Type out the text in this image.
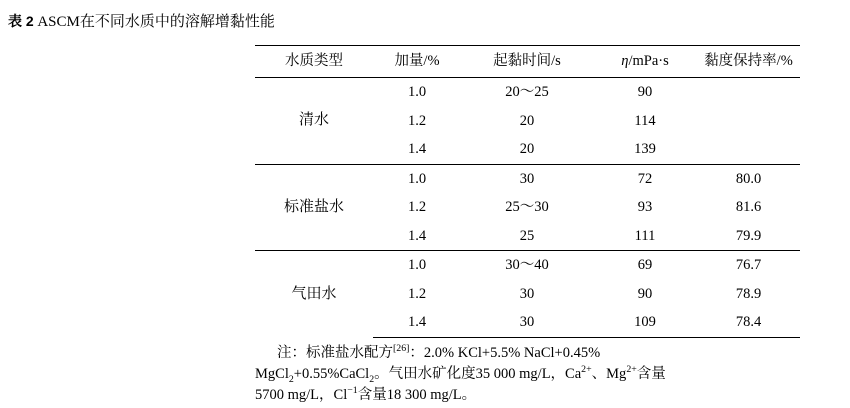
表 2 ASCM在不同水质中的溶解增黏性能
水质类型	加量/%	起黏时间/s	η/mPa·s	黏度保持率/%
清水	1.0	20～25	90	
	1.2	20	114	
	1.4	20	139	
标准盐水	1.0	30	72	80.0
	1.2	25～30	93	81.6
	1.4	25	111	79.9
气田水	1.0	30～40	69	76.7
	1.2	30	90	78.9
	1.4	30	109	78.4
注：标准盐水配方[26]：2.0% KCl+5.5% NaCl+0.45%
MgCl$_2$+0.55%CaCl$_2$。气田水矿化度35 000 mg/L，$Ca^{2+}$、$Mg^{2+}$含量
5700 mg/L，$Cl^{-1}$含量18 300 mg/L。
